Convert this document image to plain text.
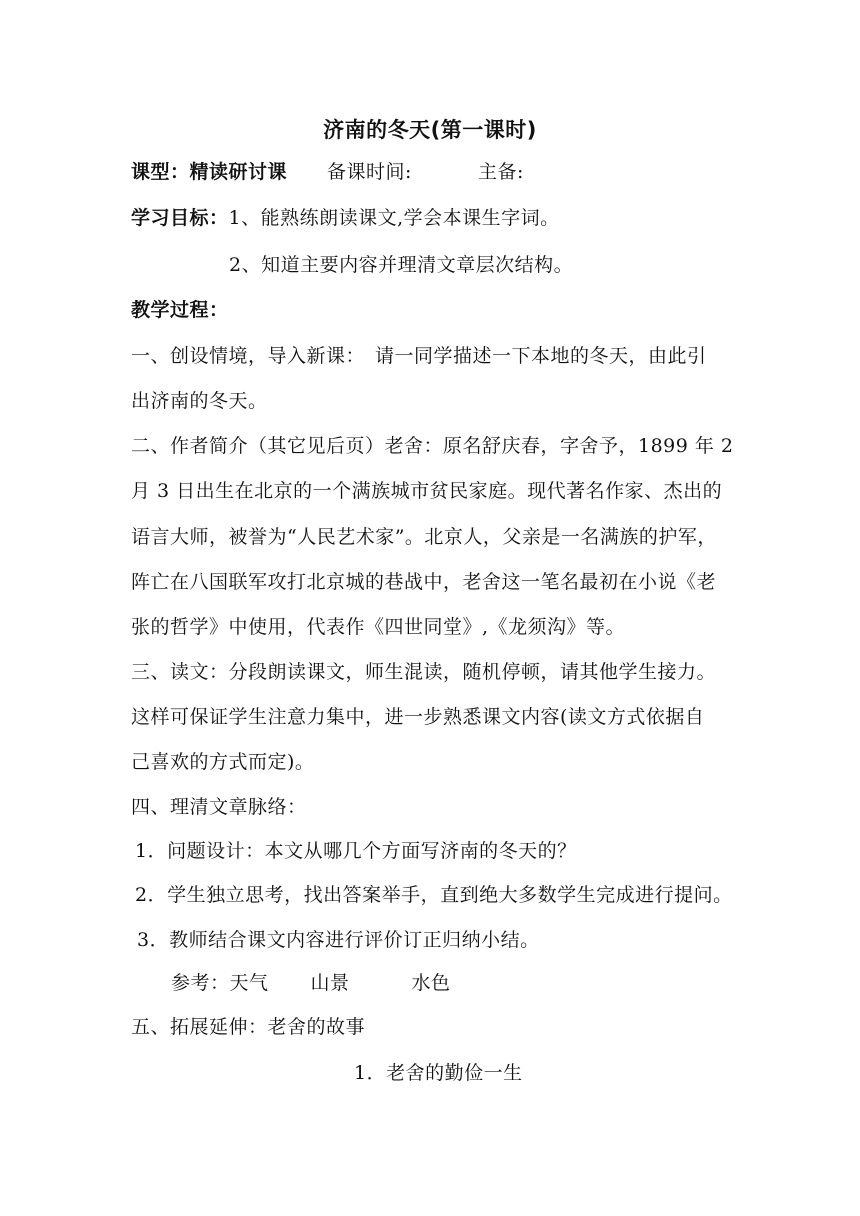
济南的冬天(第一课时)
课型：精读研讨课 备课时间:	主备:
学习目标：1、能熟练朗读课文,学会本课生字词。
2、知道主要内容并理清文章层次结构。
教学过程：
一、创设情境，导入新课：　请一同学描述一下本地的冬天，由此引
出济南的冬天。
二、作者简介（其它见后页）老舍：原名舒庆春，字舍予，1899 年 2
月 3 日出生在北京的一个满族城市贫民家庭。现代著名作家、杰出的
语言大师，被誉为“人民艺术家”。北京人，父亲是一名满族的护军，
阵亡在八国联军攻打北京城的巷战中，老舍这一笔名最初在小说《老
张的哲学》中使用，代表作《四世同堂》,《龙须沟》等。
三、读文：分段朗读课文，师生混读，随机停顿，请其他学生接力。
这样可保证学生注意力集中，进一步熟悉课文内容(读文方式依据自
己喜欢的方式而定)。
四、理清文章脉络：
1．问题设计：本文从哪几个方面写济南的冬天的？
2．学生独立思考，找出答案举手，直到绝大多数学生完成进行提问。
3．教师结合课文内容进行评价订正归纳小结。
参考：天气 山景	水色
五、拓展延伸：老舍的故事
1．老舍的勤俭一生
